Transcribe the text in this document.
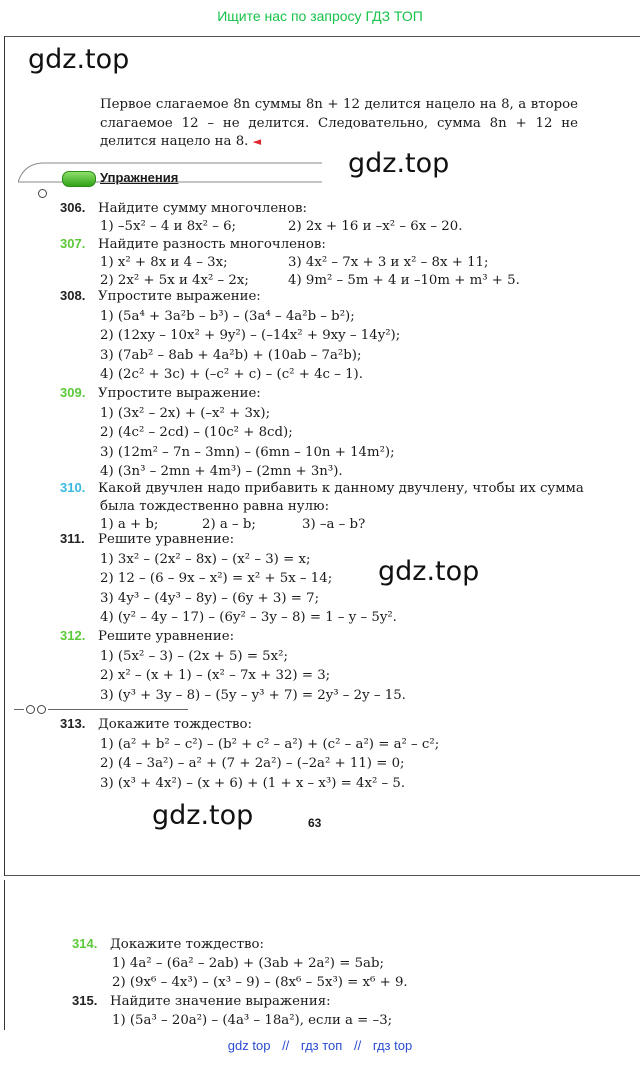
Ищите нас по запросу ГДЗ ТОП
gdz.top
gdz.top
gdz.top
gdz.top
Первое слагаемое 8n суммы 8n + 12 делится нацело на 8, а второе слагаемое 12 – не делится. Следовательно, сумма 8n + 12 не делится нацело на 8. ◄
Упражнения
306. Найдите сумму многочленов:
1) –5x² – 4 и 8x² – 6;	2) 2x + 16 и –x² – 6x – 20.
307. Найдите разность многочленов:
1) x² + 8x и 4 – 3x;	3) 4x² – 7x + 3 и x² – 8x + 11;
2) 2x² + 5x и 4x² – 2x;	4) 9m² – 5m + 4 и –10m + m³ + 5.
308. Упростите выражение:
1) (5a⁴ + 3a²b – b³) – (3a⁴ – 4a²b – b²);
2) (12xy – 10x² + 9y²) – (–14x² + 9xy – 14y²);
3) (7ab² – 8ab + 4a²b) + (10ab – 7a²b);
4) (2c² + 3c) + (–c² + c) – (c² + 4c – 1).
309. Упростите выражение:
1) (3x² – 2x) + (–x² + 3x);
2) (4c² – 2cd) – (10c² + 8cd);
3) (12m² – 7n – 3mn) – (6mn – 10n + 14m²);
4) (3n³ – 2mn + 4m³) – (2mn + 3n³).
310. Какой двучлен надо прибавить к данному двучлену, чтобы их сумма
была тождественно равна нулю:
1) a + b;	2) a – b;	3) –a – b?
311. Решите уравнение:
1) 3x² – (2x² – 8x) – (x² – 3) = x;
2) 12 – (6 – 9x – x²) = x² + 5x – 14;
3) 4y³ – (4y³ – 8y) – (6y + 3) = 7;
4) (y² – 4y – 17) – (6y² – 3y – 8) = 1 – y – 5y².
312. Решите уравнение:
1) (5x² – 3) – (2x + 5) = 5x²;
2) x² – (x + 1) – (x² – 7x + 32) = 3;
3) (y³ + 3y – 8) – (5y – y³ + 7) = 2y³ – 2y – 15.
313. Докажите тождество:
1) (a² + b² – c²) – (b² + c² – a²) + (c² – a²) = a² – c²;
2) (4 – 3a²) – a² + (7 + 2a²) – (–2a² + 11) = 0;
3) (x³ + 4x²) – (x + 6) + (1 + x – x³) = 4x² – 5.
63
314. Докажите тождество:
1) 4a² – (6a² – 2ab) + (3ab + 2a²) = 5ab;
2) (9x⁶ – 4x³) – (x³ – 9) – (8x⁶ – 5x³) = x⁶ + 9.
315. Найдите значение выражения:
1) (5a³ – 20a²) – (4a³ – 18a²), если a = –3;
gdz top // гдз топ // гдз top
